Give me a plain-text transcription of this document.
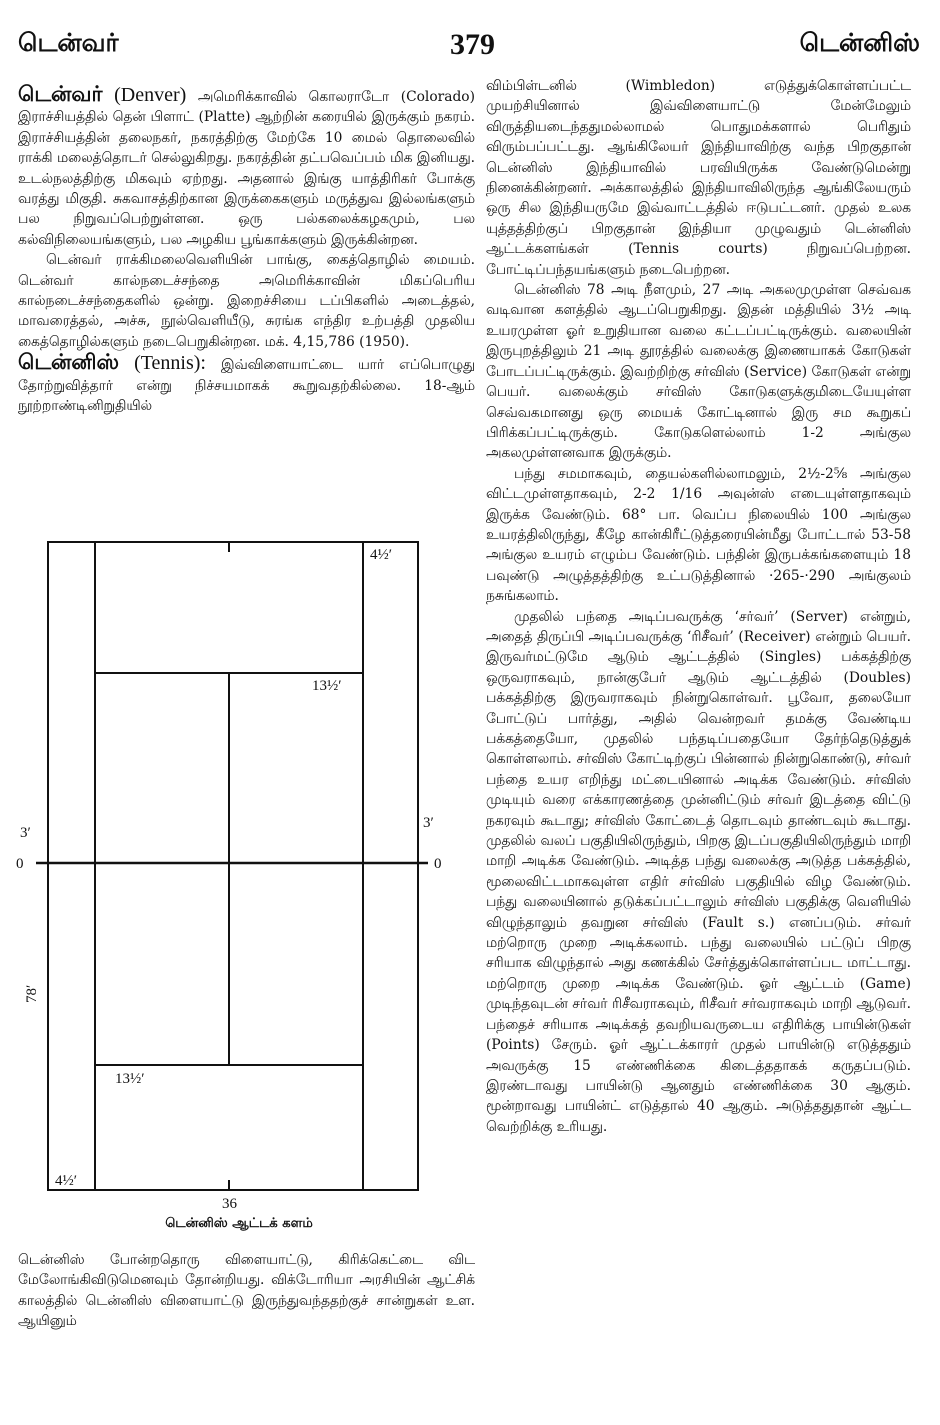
டென்வர்	379	டென்னிஸ்

டென்வர் (Denver) அமெரிக்காவில் கொலராடோ (Colorado) இராச்சியத்தில் தென் பிளாட் (Platte) ஆற்றின் கரையில் இருக்கும் நகரம். இராச்சியத்தின் தலைநகர், நகரத்திற்கு மேற்கே 10 மைல் தொலைவில் ராக்கி மலைத்தொடர் செல்லுகிறது. நகரத்தின் தட்பவெப்பம் மிக இனியது. உடல்நலத்திற்கு மிகவும் ஏற்றது. அதனால் இங்கு யாத்திரிகர் போக்கு வரத்து மிகுதி. சுகவாசத்திற்கான இருக்கைகளும் மருத்துவ இல்லங்களும் பல நிறுவப்பெற்றுள்ளன. ஒரு பல்கலைக்கழகமும், பல கல்விநிலையங்களும், பல அழகிய பூங்காக்களும் இருக்கின்றன.

டென்வர் ராக்கிமலைவெளியின் பாங்கு, கைத்தொழில் மையம். டென்வர் கால்நடைச்சந்தை அமெரிக்காவின் மிகப்பெரிய கால்நடைச்சந்தைகளில் ஒன்று. இறைச்சியை டப்பிகளில் அடைத்தல், மாவரைத்தல், அச்சு, நூல்வெளியீடு, சுரங்க எந்திர உற்பத்தி முதலிய கைத்தொழில்களும் நடைபெறுகின்றன. மக். 4,15,786 (1950).

டென்னிஸ் (Tennis): இவ்விளையாட்டை யார் எப்பொழுது தோற்றுவித்தார் என்று நிச்சயமாகக் கூறுவதற்கில்லை. 18-ஆம் நூற்றாண்டினிறுதியில்

4½′
13½′
13½′
4½′
3′
3′
0	0
36
78′
டென்னிஸ் ஆட்டக் களம்

டென்னிஸ் போன்றதொரு விளையாட்டு, கிரிக்கெட்டை விட மேலோங்கிவிடுமெனவும் தோன்றியது. விக்டோரியா அரசியின் ஆட்சிக் காலத்தில் டென்னிஸ் விளையாட்டு இருந்துவந்ததற்குச் சான்றுகள் உள. ஆயினும்

விம்பிள்டனில் (Wimbledon) எடுத்துக்கொள்ளப்பட்ட முயற்சியினால் இவ்விளையாட்டு மேன்மேலும் விருத்தியடைந்ததுமல்லாமல் பொதுமக்களால் பெரிதும் விரும்பப்பட்டது. ஆங்கிலேயர் இந்தியாவிற்கு வந்த பிறகுதான் டென்னிஸ் இந்தியாவில் பரவியிருக்க வேண்டுமென்று நினைக்கின்றனர். அக்காலத்தில் இந்தியாவிலிருந்த ஆங்கிலேயரும் ஒரு சில இந்தியருமே இவ்வாட்டத்தில் ஈடுபட்டனர். முதல் உலக யுத்தத்திற்குப் பிறகுதான் இந்தியா முழுவதும் டென்னிஸ் ஆட்டக்களங்கள் (Tennis courts) நிறுவப்பெற்றன. போட்டிப்பந்தயங்களும் நடைபெற்றன.

டென்னிஸ் 78 அடி நீளமும், 27 அடி அகலமுமுள்ள செவ்வக வடிவான களத்தில் ஆடப்பெறுகிறது. இதன் மத்தியில் 3½ அடி உயரமுள்ள ஓர் உறுதியான வலை கட்டப்பட்டிருக்கும். வலையின் இருபுறத்திலும் 21 அடி தூரத்தில் வலைக்கு இணையாகக் கோடுகள் போடப்பட்டிருக்கும். இவற்றிற்கு சர்விஸ் (Service) கோடுகள் என்று பெயர். வலைக்கும் சர்விஸ் கோடுகளுக்குமிடையேயுள்ள செவ்வகமானது ஒரு மையக் கோட்டினால் இரு சம கூறுகப் பிரிக்கப்பட்டிருக்கும். கோடுகளெல்லாம் 1-2 அங்குல அகலமுள்ளனவாக இருக்கும்.

பந்து சமமாகவும், தையல்களில்லாமலும், 2½-2⅝ அங்குல விட்டமுள்ளதாகவும், 2-2 1/16 அவுன்ஸ் எடையுள்ளதாகவும் இருக்க வேண்டும். 68° பா. வெப்ப நிலையில் 100 அங்குல உயரத்திலிருந்து, கீழே கான்கிரீட்டுத்தரையின்மீது போட்டால் 53-58 அங்குல உயரம் எழும்ப வேண்டும். பந்தின் இருபக்கங்களையும் 18 பவுண்டு அழுத்தத்திற்கு உட்படுத்தினால் ·265-·290 அங்குலம் நசுங்கலாம்.

முதலில் பந்தை அடிப்பவருக்கு ‘சர்வர்’ (Server) என்றும், அதைத் திருப்பி அடிப்பவருக்கு ‘ரிசீவர்’ (Receiver) என்றும் பெயர். இருவர்மட்டுமே ஆடும் ஆட்டத்தில் (Singles) பக்கத்திற்கு ஒருவராகவும், நான்குபேர் ஆடும் ஆட்டத்தில் (Doubles) பக்கத்திற்கு இருவராகவும் நின்றுகொள்வர். பூவோ, தலையோ போட்டுப் பார்த்து, அதில் வென்றவர் தமக்கு வேண்டிய பக்கத்தையோ, முதலில் பந்தடிப்பதையோ தேர்ந்தெடுத்துக் கொள்ளலாம். சர்விஸ் கோட்டிற்குப் பின்னால் நின்றுகொண்டு, சர்வர் பந்தை உயர எறிந்து மட்டையினால் அடிக்க வேண்டும். சர்விஸ் முடியும் வரை எக்காரணத்தை முன்னிட்டும் சர்வர் இடத்தை விட்டு நகரவும் கூடாது; சர்விஸ் கோட்டைத் தொடவும் தாண்டவும் கூடாது. முதலில் வலப் பகுதியிலிருந்தும், பிறகு இடப்பகுதியிலிருந்தும் மாறி மாறி அடிக்க வேண்டும். அடித்த பந்து வலைக்கு அடுத்த பக்கத்தில், மூலைவிட்டமாகவுள்ள எதிர் சர்விஸ் பகுதியில் விழ வேண்டும். பந்து வலையினால் தடுக்கப்பட்டாலும் சர்விஸ் பகுதிக்கு வெளியில் விழுந்தாலும் தவறுன சர்விஸ் (Fault s.) எனப்படும். சர்வர் மற்றொரு முறை அடிக்கலாம். பந்து வலையில் பட்டுப் பிறகு சரியாக விழுந்தால் அது கணக்கில் சேர்த்துக்கொள்ளப்பட மாட்டாது. மற்றொரு முறை அடிக்க வேண்டும். ஓர் ஆட்டம் (Game) முடிந்தவுடன் சர்வர் ரிசீவராகவும், ரிசீவர் சர்வராகவும் மாறி ஆடுவர். பந்தைச் சரியாக அடிக்கத் தவறியவருடைய எதிரிக்கு பாயின்டுகள் (Points) சேரும். ஓர் ஆட்டக்காரர் முதல் பாயின்டு எடுத்ததும் அவருக்கு 15 எண்ணிக்கை கிடைத்ததாகக் கருதப்படும். இரண்டாவது பாயின்டு ஆனதும் எண்ணிக்கை 30 ஆகும். மூன்றாவது பாயின்ட் எடுத்தால் 40 ஆகும். அடுத்ததுதான் ஆட்ட வெற்றிக்கு உரியது.
